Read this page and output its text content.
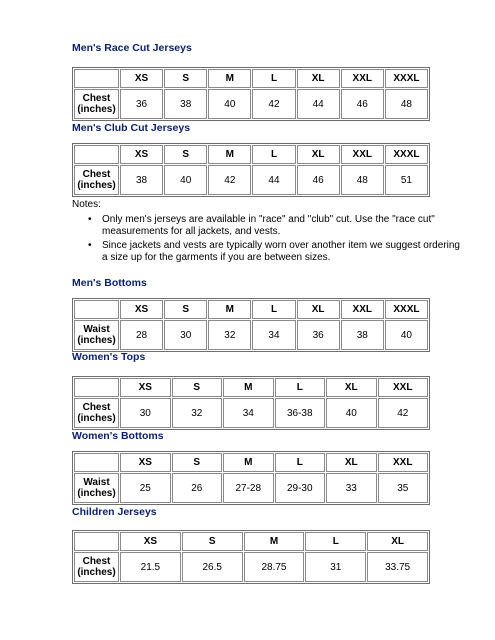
Men's Race Cut Jerseys
	XS	S	M	L	XL	XXL	XXXL
Chest (inches)	36	38	40	42	44	46	48
Men's Club Cut Jerseys
	XS	S	M	L	XL	XXL	XXXL
Chest (inches)	38	40	42	44	46	48	51
Notes:
• Only men's jerseys are available in "race" and "club" cut. Use the "race cut" measurements for all jackets, and vests.
• Since jackets and vests are typically worn over another item we suggest ordering a size up for the garments if you are between sizes.
Men's Bottoms
	XS	S	M	L	XL	XXL	XXXL
Waist (inches)	28	30	32	34	36	38	40
Women's Tops
	XS	S	M	L	XL	XXL
Chest (inches)	30	32	34	36-38	40	42
Women's Bottoms
	XS	S	M	L	XL	XXL
Waist (inches)	25	26	27-28	29-30	33	35
Children Jerseys
	XS	S	M	L	XL
Chest (inches)	21.5	26.5	28.75	31	33.75
